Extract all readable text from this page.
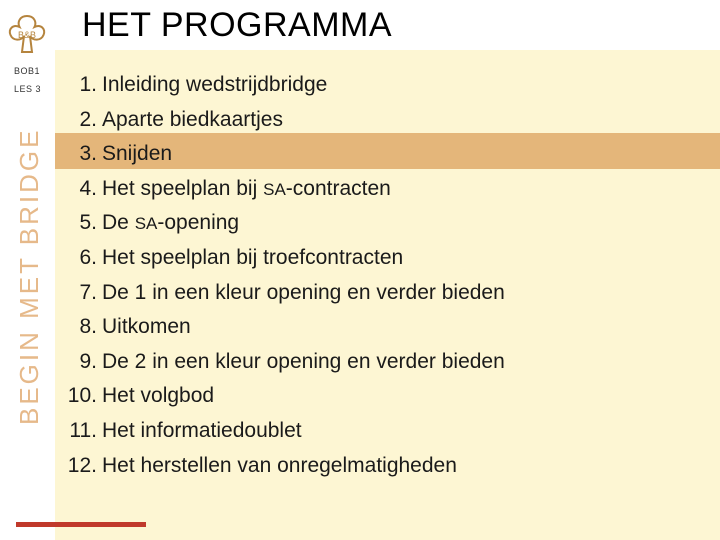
B&B HET PROGRAMMA
BOB1
LES 3
BEGIN MET BRIDGE
1. Inleiding wedstrijdbridge
2. Aparte biedkaartjes
3. Snijden
4. Het speelplan bij SA-contracten
5. De SA-opening
6. Het speelplan bij troefcontracten
7. De 1 in een kleur opening en verder bieden
8. Uitkomen
9. De 2 in een kleur opening en verder bieden
10. Het volgbod
11. Het informatiedoublet
12. Het herstellen van onregelmatigheden
